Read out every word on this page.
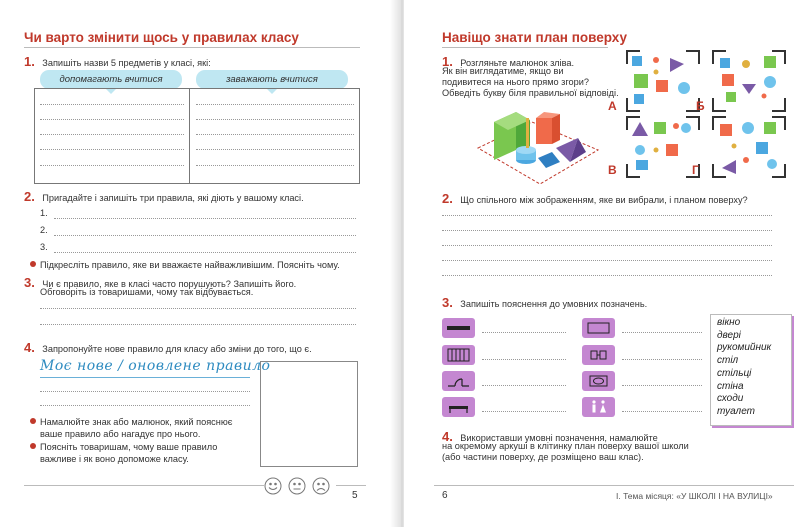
Чи варто змінити щось у правилах класу
1. Запишіть назви 5 предметів у класі, які:
допомагають вчитися	заважають вчитися
2. Пригадайте і запишіть три правила, які діють у вашому класі.
1.
2.
3.
Підкресліть правило, яке ви вважаєте найважливішим. Поясніть чому.
3. Чи є правило, яке в класі часто порушують? Запишіть його.
Обговоріть із товаришами, чому так відбувається.
4. Запропонуйте нове правило для класу або зміни до того, що є.
Моє нове / оновлене правило
Намалюйте знак або малюнок, який пояснює
ваше правило або нагадує про нього.
Поясніть товаришам, чому ваше правило
важливе і як воно допоможе класу.
5
Навіщо знати план поверху
1. Розгляньте малюнок зліва.
Як він виглядатиме, якщо ви
подивитеся на нього прямо згори?
Обведіть букву біля правильної відповіді.
А	Б
В	Г
2. Що спільного між зображенням, яке ви вибрали, і планом поверху?
3. Запишіть пояснення до умовних позначень.
вікно
двері
рукомийник
стіл
стільці
стіна
сходи
туалет
4. Використавши умовні позначення, намалюйте
на окремому аркуші в клітинку план поверху вашої школи
(або частини поверху, де розміщено ваш клас).
6	І. Тема місяця: «У ШКОЛІ І НА ВУЛИЦІ»
